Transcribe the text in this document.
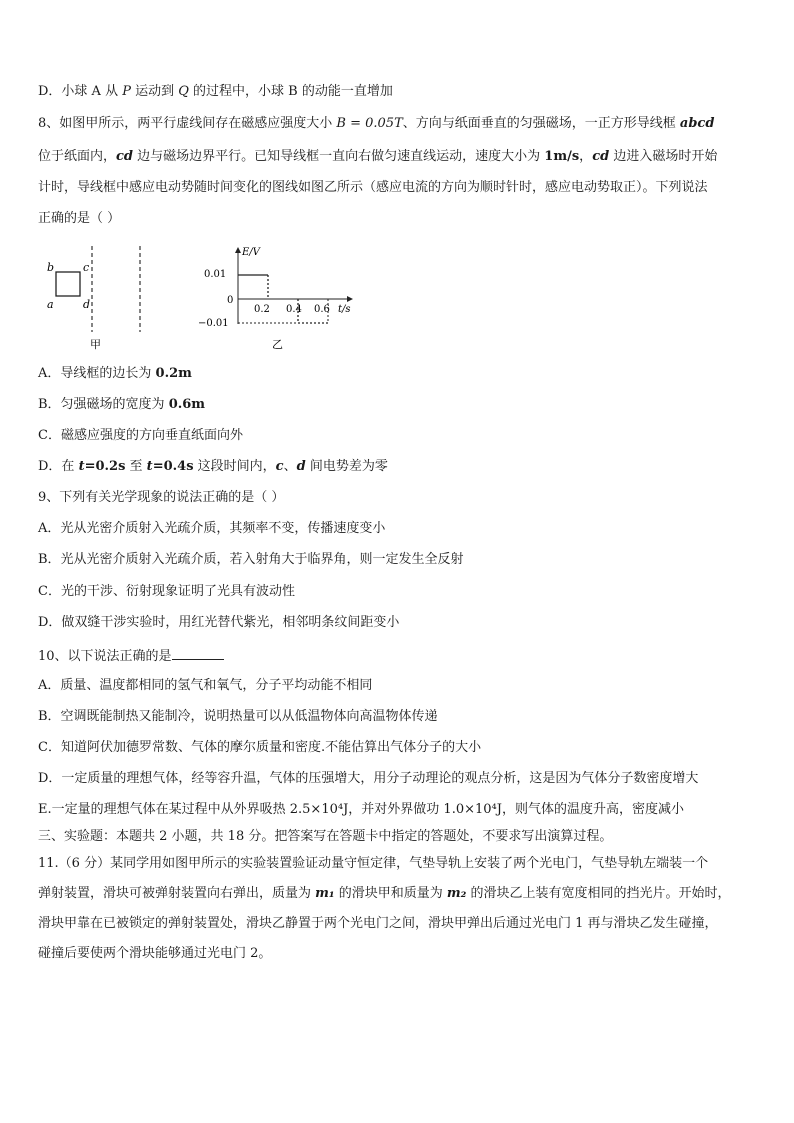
D．小球 A 从 P 运动到 Q 的过程中，小球 B 的动能一直增加
8、如图甲所示，两平行虚线间存在磁感应强度大小 B = 0.05T、方向与纸面垂直的匀强磁场，一正方形导线框 abcd
位于纸面内，cd 边与磁场边界平行。已知导线框一直向右做匀速直线运动，速度大小为 1m/s，cd 边进入磁场时开始
计时，导线框中感应电动势随时间变化的图线如图乙所示（感应电流的方向为顺时针时，感应电动势取正）。下列说法
正确的是（ ）
b	c
a	d
甲
E/V
t/s
0.01
0
−0.01
0.2 0.4 0.6
乙
A．导线框的边长为 0.2m
B．匀强磁场的宽度为 0.6m
C．磁感应强度的方向垂直纸面向外
D．在 t=0.2s 至 t=0.4s 这段时间内，c、d 间电势差为零
9、下列有关光学现象的说法正确的是（ ）
A．光从光密介质射入光疏介质，其频率不变，传播速度变小
B．光从光密介质射入光疏介质，若入射角大于临界角，则一定发生全反射
C．光的干涉、衍射现象证明了光具有波动性
D．做双缝干涉实验时，用红光替代紫光，相邻明条纹间距变小
10、以下说法正确的是
A．质量、温度都相同的氢气和氧气，分子平均动能不相同
B．空调既能制热又能制冷，说明热量可以从低温物体向高温物体传递
C．知道阿伏加德罗常数、气体的摩尔质量和密度.不能估算出气体分子的大小
D．一定质量的理想气体，经等容升温，气体的压强增大，用分子动理论的观点分析，这是因为气体分子数密度增大
E.一定量的理想气体在某过程中从外界吸热 2.5×10⁴J，并对外界做功 1.0×10⁴J，则气体的温度升高，密度减小
三、实验题：本题共 2 小题，共 18 分。把答案写在答题卡中指定的答题处，不要求写出演算过程。
11.（6 分）某同学用如图甲所示的实验装置验证动量守恒定律，气垫导轨上安装了两个光电门，气垫导轨左端装一个
弹射装置，滑块可被弹射装置向右弹出，质量为 m₁ 的滑块甲和质量为 m₂ 的滑块乙上装有宽度相同的挡光片。开始时，
滑块甲靠在已被锁定的弹射装置处，滑块乙静置于两个光电门之间，滑块甲弹出后通过光电门 1 再与滑块乙发生碰撞，
碰撞后要使两个滑块能够通过光电门 2。
